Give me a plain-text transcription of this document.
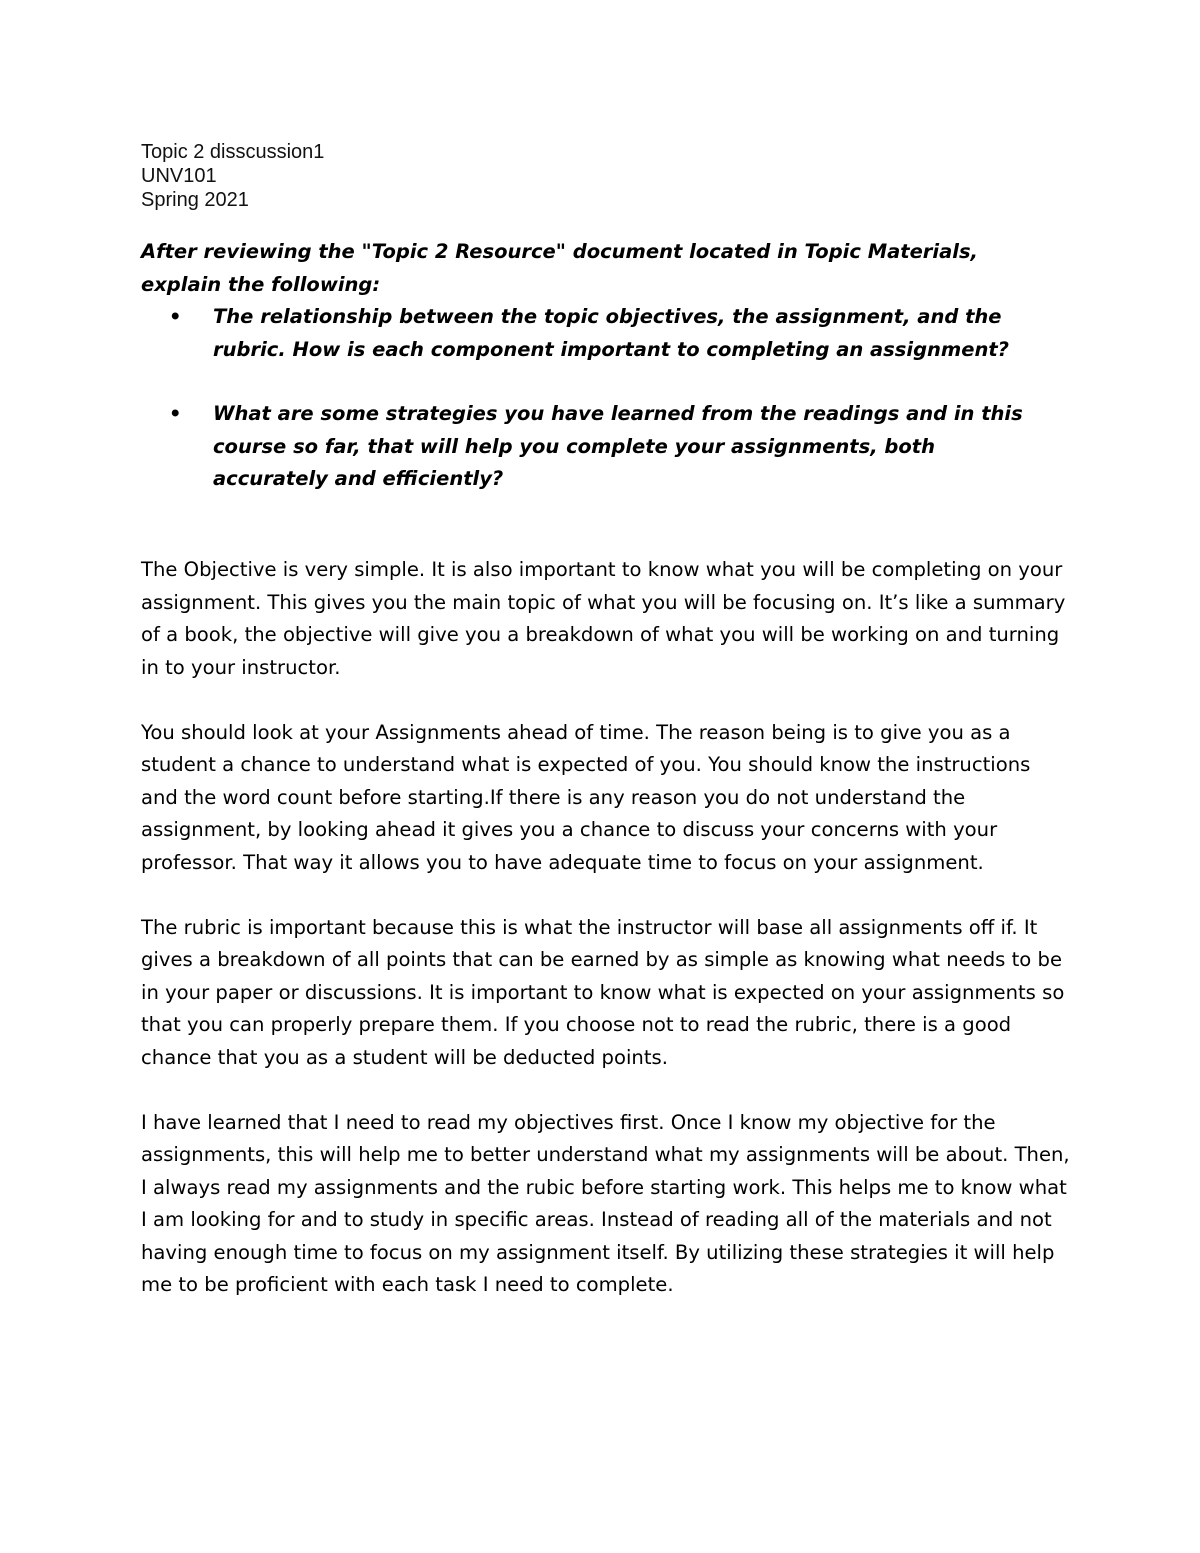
Topic 2 disscussion1
UNV101
Spring 2021

After reviewing the "Topic 2 Resource" document located in Topic Materials, explain the following:

• The relationship between the topic objectives, the assignment, and the rubric. How is each component important to completing an assignment?
• What are some strategies you have learned from the readings and in this course so far, that will help you complete your assignments, both accurately and efficiently?

The Objective is very simple. It is also important to know what you will be completing on your assignment. This gives you the main topic of what you will be focusing on. It’s like a summary of a book, the objective will give you a breakdown of what you will be working on and turning in to your instructor.

You should look at your Assignments ahead of time. The reason being is to give you as a student a chance to understand what is expected of you. You should know the instructions and the word count before starting.If there is any reason you do not understand the assignment, by looking ahead it gives you a chance to discuss your concerns with your professor. That way it allows you to have adequate time to focus on your assignment.

The rubric is important because this is what the instructor will base all assignments off if. It gives a breakdown of all points that can be earned by as simple as knowing what needs to be in your paper or discussions. It is important to know what is expected on your assignments so that you can properly prepare them. If you choose not to read the rubric, there is a good chance that you as a student will be deducted points.

I have learned that I need to read my objectives first. Once I know my objective for the assignments, this will help me to better understand what my assignments will be about. Then, I always read my assignments and the rubic before starting work. This helps me to know what I am looking for and to study in specific areas. Instead of reading all of the materials and not having enough time to focus on my assignment itself. By utilizing these strategies it will help me to be proficient with each task I need to complete.
